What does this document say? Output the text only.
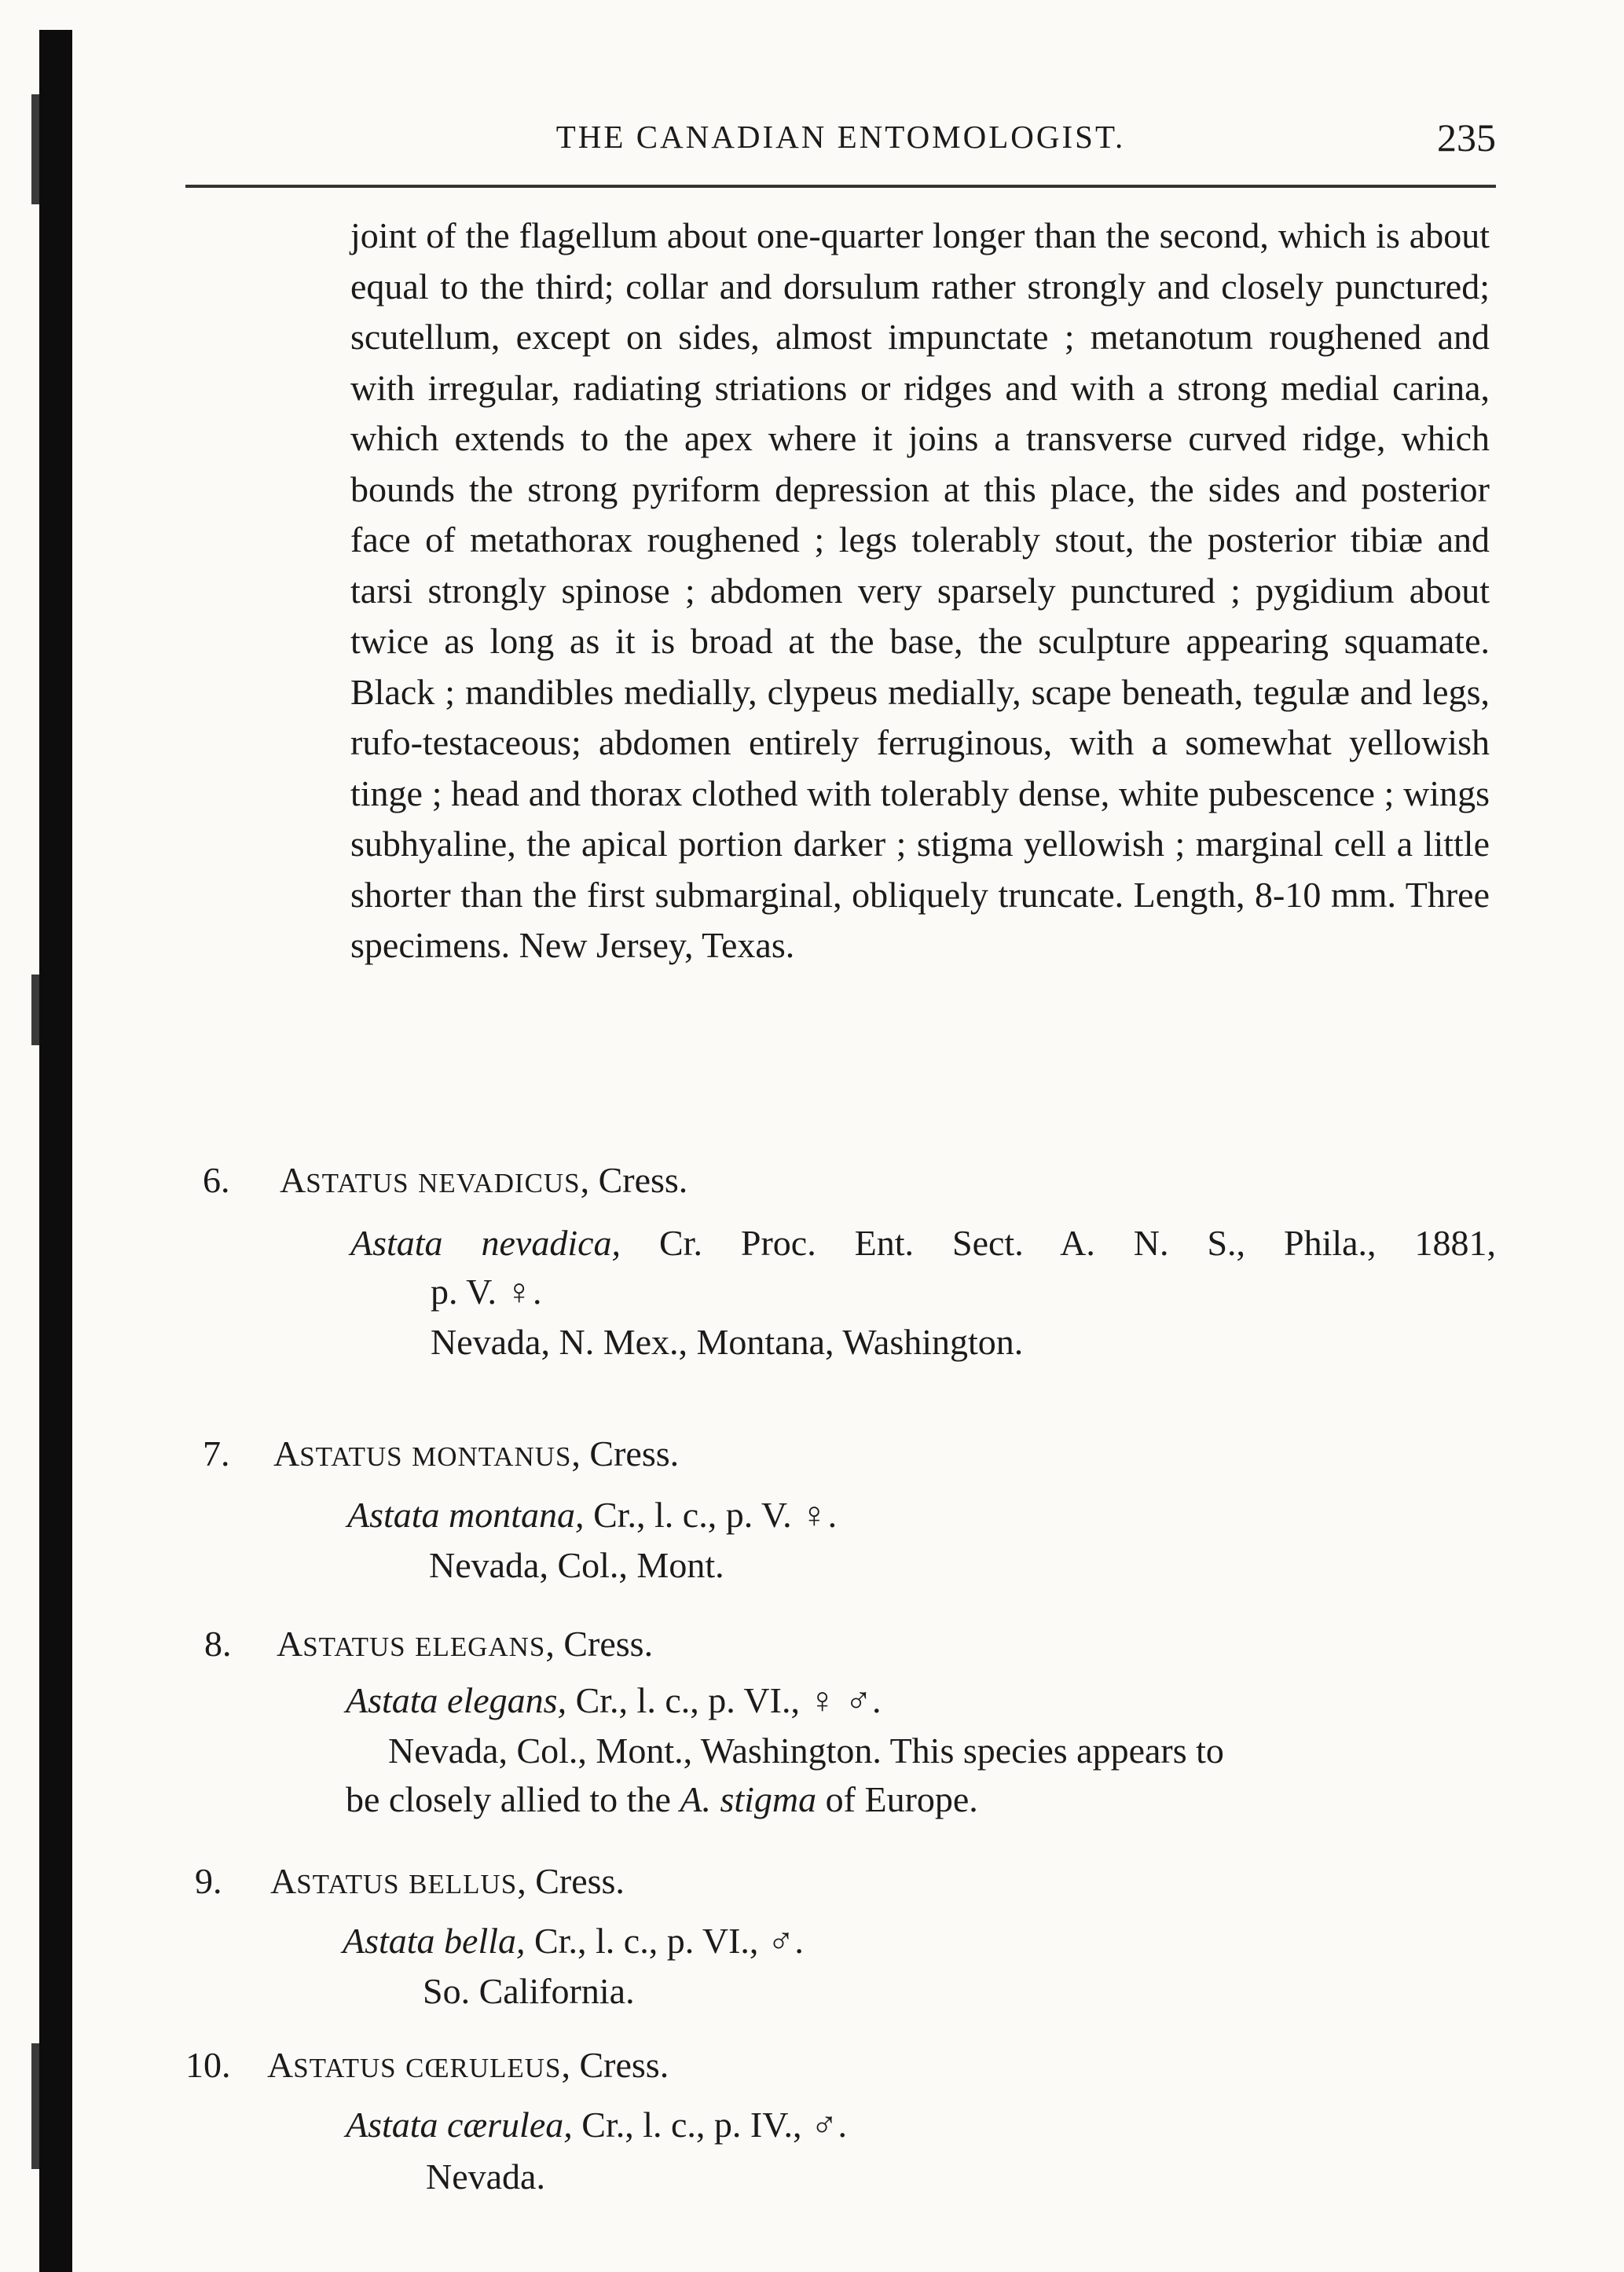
THE CANADIAN ENTOMOLOGIST.	235
joint of the flagellum about one-quarter longer than the second, which is about equal to the third; collar and dorsulum rather strongly and closely punctured; scutellum, except on sides, almost impunctate ; metanotum roughened and with irregular, radiating striations or ridges and with a strong medial carina, which extends to the apex where it joins a transverse curved ridge, which bounds the strong pyriform depression at this place, the sides and posterior face of metathorax roughened ; legs tolerably stout, the posterior tibiæ and tarsi strongly spinose ; abdomen very sparsely punctured ; pygidium about twice as long as it is broad at the base, the sculpture appearing squamate. Black ; mandibles medially, clypeus medially, scape beneath, tegulæ and legs, rufo-testaceous; abdomen entirely ferruginous, with a somewhat yellowish tinge ; head and thorax clothed with tolerably dense, white pubescence ; wings subhyaline, the apical portion darker ; stigma yellowish ; marginal cell a little shorter than the first submarginal, obliquely truncate. Length, 8-10 mm. Three specimens. New Jersey, Texas.
6. ASTATUS NEVADICUS, Cress.
Astata nevadica, Cr. Proc. Ent. Sect. A. N. S., Phila., 1881,
p. V. ♀.
Nevada, N. Mex., Montana, Washington.
7. ASTATUS MONTANUS, Cress.
Astata montana, Cr., l. c., p. V. ♀.
Nevada, Col., Mont.
8. ASTATUS ELEGANS, Cress.
Astata elegans, Cr., l. c., p. VI., ♀ ♂.
Nevada, Col., Mont., Washington. This species appears to
be closely allied to the A. stigma of Europe.
9. ASTATUS BELLUS, Cress.
Astata bella, Cr., l. c., p. VI., ♂.
So. California.
10. ASTATUS CŒRULEUS, Cress.
Astata cærulea, Cr., l. c., p. IV., ♂.
Nevada.
